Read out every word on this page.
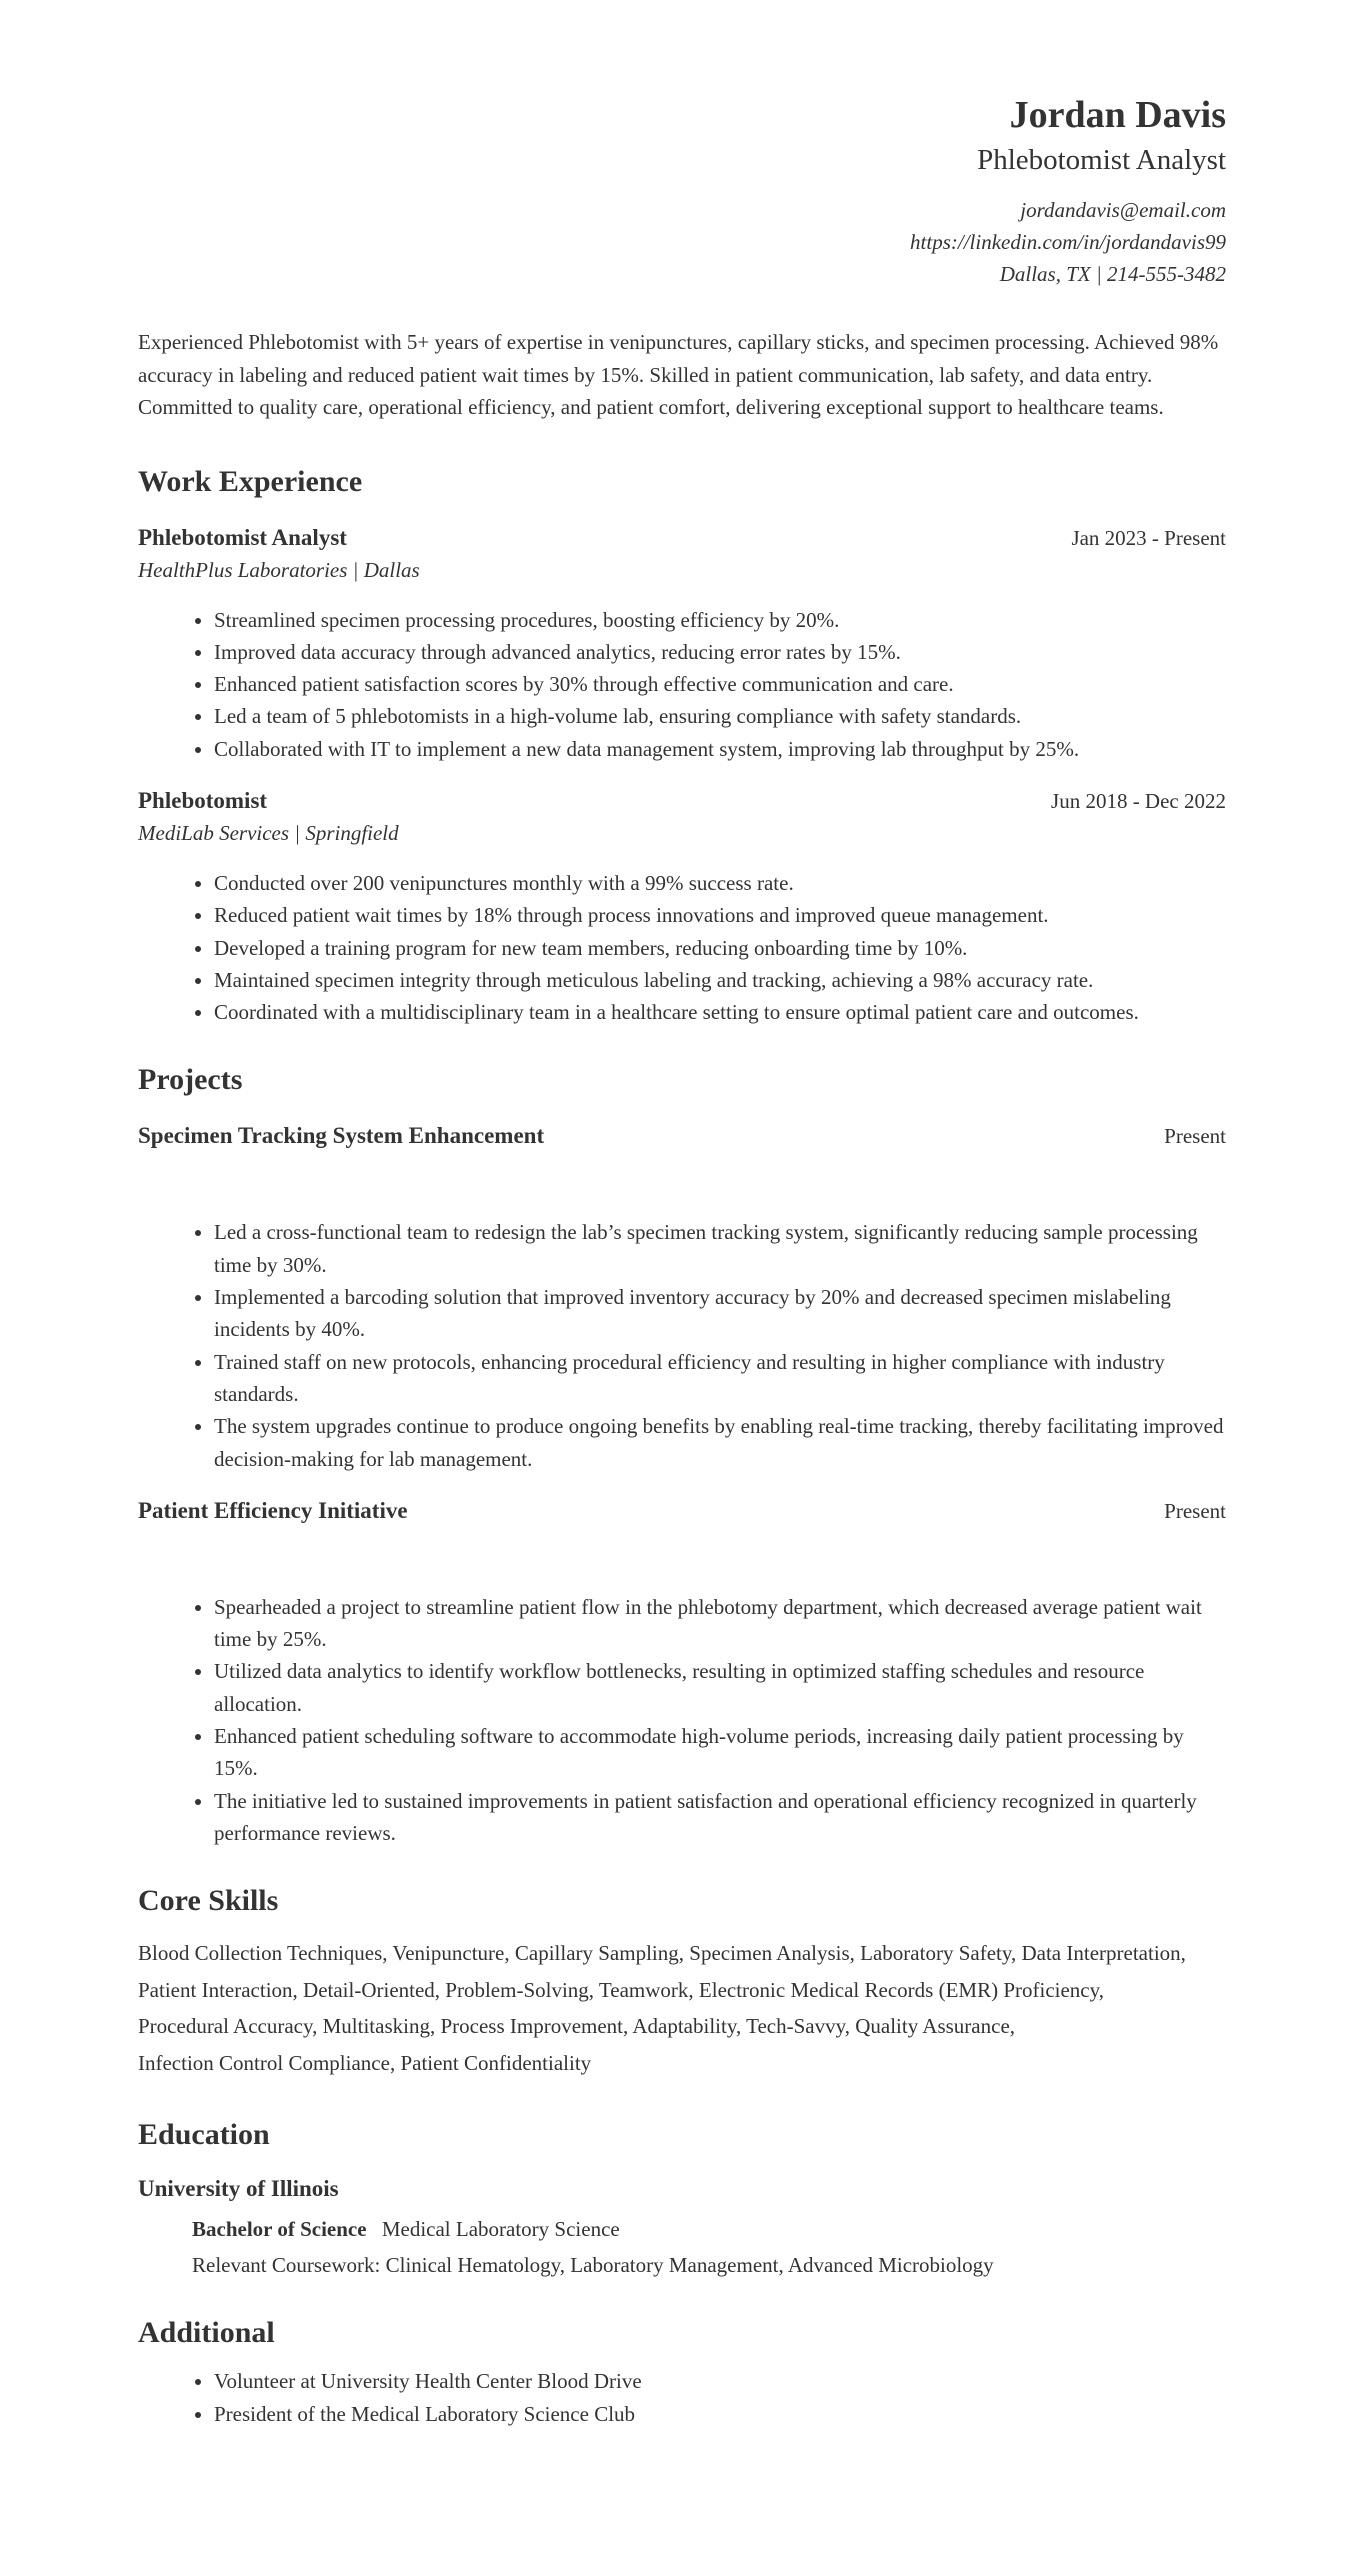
Jordan Davis
Phlebotomist Analyst
jordandavis@email.com
https://linkedin.com/in/jordandavis99
Dallas, TX | 214-555-3482

Experienced Phlebotomist with 5+ years of expertise in venipunctures, capillary sticks, and specimen processing. Achieved 98% accuracy in labeling and reduced patient wait times by 15%. Skilled in patient communication, lab safety, and data entry. Committed to quality care, operational efficiency, and patient comfort, delivering exceptional support to healthcare teams.

Work Experience
Phlebotomist Analyst	Jan 2023 - Present
HealthPlus Laboratories | Dallas
• Streamlined specimen processing procedures, boosting efficiency by 20%.
• Improved data accuracy through advanced analytics, reducing error rates by 15%.
• Enhanced patient satisfaction scores by 30% through effective communication and care.
• Led a team of 5 phlebotomists in a high-volume lab, ensuring compliance with safety standards.
• Collaborated with IT to implement a new data management system, improving lab throughput by 25%.
Phlebotomist	Jun 2018 - Dec 2022
MediLab Services | Springfield
• Conducted over 200 venipunctures monthly with a 99% success rate.
• Reduced patient wait times by 18% through process innovations and improved queue management.
• Developed a training program for new team members, reducing onboarding time by 10%.
• Maintained specimen integrity through meticulous labeling and tracking, achieving a 98% accuracy rate.
• Coordinated with a multidisciplinary team in a healthcare setting to ensure optimal patient care and outcomes.
Projects
Specimen Tracking System Enhancement	Present
• Led a cross-functional team to redesign the lab’s specimen tracking system, significantly reducing sample processing time by 30%.
• Implemented a barcoding solution that improved inventory accuracy by 20% and decreased specimen mislabeling incidents by 40%.
• Trained staff on new protocols, enhancing procedural efficiency and resulting in higher compliance with industry standards.
• The system upgrades continue to produce ongoing benefits by enabling real-time tracking, thereby facilitating improved decision-making for lab management.
Patient Efficiency Initiative	Present
• Spearheaded a project to streamline patient flow in the phlebotomy department, which decreased average patient wait time by 25%.
• Utilized data analytics to identify workflow bottlenecks, resulting in optimized staffing schedules and resource allocation.
• Enhanced patient scheduling software to accommodate high-volume periods, increasing daily patient processing by 15%.
• The initiative led to sustained improvements in patient satisfaction and operational efficiency recognized in quarterly performance reviews.
Core Skills
Blood Collection Techniques, Venipuncture, Capillary Sampling, Specimen Analysis, Laboratory Safety, Data Interpretation,
Patient Interaction, Detail-Oriented, Problem-Solving, Teamwork, Electronic Medical Records (EMR) Proficiency,
Procedural Accuracy, Multitasking, Process Improvement, Adaptability, Tech-Savvy, Quality Assurance,
Infection Control Compliance, Patient Confidentiality
Education
University of Illinois
Bachelor of Science Medical Laboratory Science
Relevant Coursework: Clinical Hematology, Laboratory Management, Advanced Microbiology
Additional
• Volunteer at University Health Center Blood Drive
• President of the Medical Laboratory Science Club
